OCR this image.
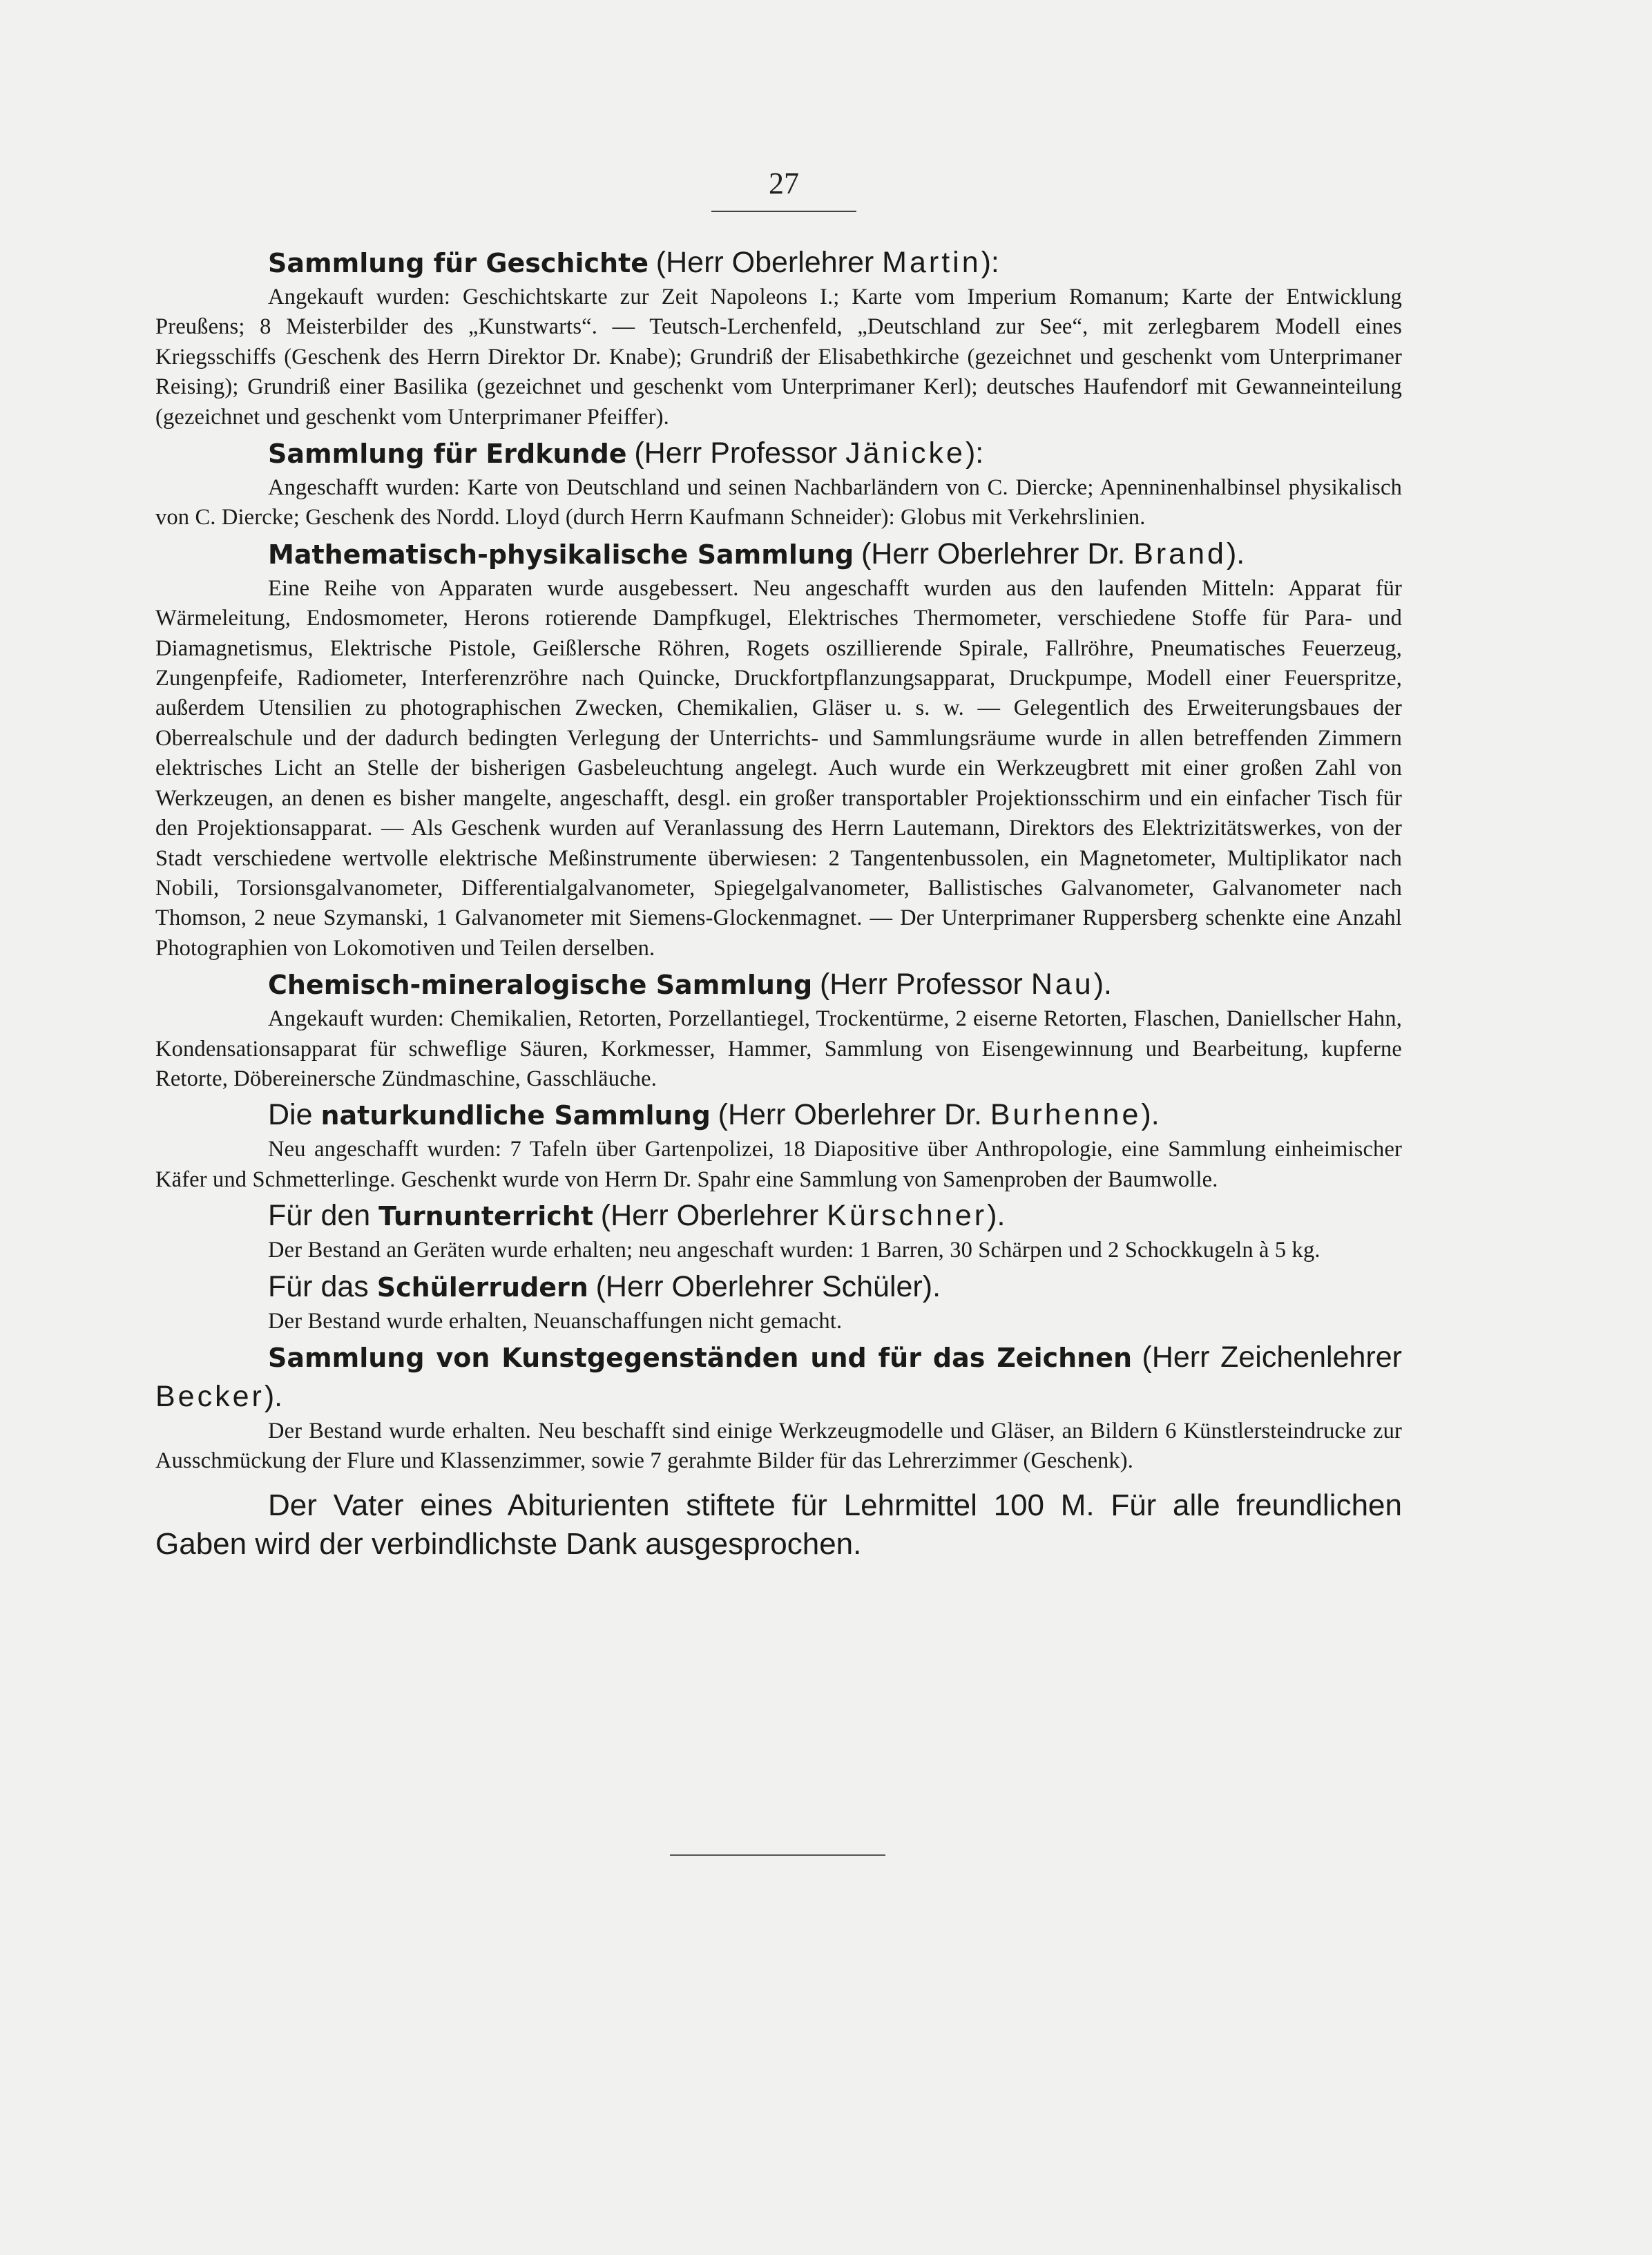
27

Sammlung für Geschichte (Herr Oberlehrer Martin):

Angekauft wurden: Geschichtskarte zur Zeit Napoleons I.; Karte vom Imperium Romanum; Karte der Entwicklung Preußens; 8 Meisterbilder des „Kunstwarts“. — Teutsch-Lerchenfeld, „Deutschland zur See“, mit zerlegbarem Modell eines Kriegsschiffs (Geschenk des Herrn Direktor Dr. Knabe); Grundriß der Elisabethkirche (gezeichnet und geschenkt vom Unterprimaner Reising); Grundriß einer Basilika (gezeichnet und geschenkt vom Unterprimaner Kerl); deutsches Haufendorf mit Gewanneinteilung (gezeichnet und geschenkt vom Unterprimaner Pfeiffer).

Sammlung für Erdkunde (Herr Professor Jänicke):

Angeschafft wurden: Karte von Deutschland und seinen Nachbarländern von C. Diercke; Apenninenhalbinsel physikalisch von C. Diercke; Geschenk des Nordd. Lloyd (durch Herrn Kaufmann Schneider): Globus mit Verkehrslinien.

Mathematisch-physikalische Sammlung (Herr Oberlehrer Dr. Brand).

Eine Reihe von Apparaten wurde ausgebessert. Neu angeschafft wurden aus den laufenden Mitteln: Apparat für Wärmeleitung, Endosmometer, Herons rotierende Dampfkugel, Elektrisches Thermometer, verschiedene Stoffe für Para- und Diamagnetismus, Elektrische Pistole, Geißlersche Röhren, Rogets oszillierende Spirale, Fallröhre, Pneumatisches Feuerzeug, Zungenpfeife, Radiometer, Interferenzröhre nach Quincke, Druckfortpflanzungsapparat, Druckpumpe, Modell einer Feuerspritze, außerdem Utensilien zu photographischen Zwecken, Chemikalien, Gläser u. s. w. — Gelegentlich des Erweiterungsbaues der Oberrealschule und der dadurch bedingten Verlegung der Unterrichts- und Sammlungsräume wurde in allen betreffenden Zimmern elektrisches Licht an Stelle der bisherigen Gasbeleuchtung angelegt. Auch wurde ein Werkzeugbrett mit einer großen Zahl von Werkzeugen, an denen es bisher mangelte, angeschafft, desgl. ein großer transportabler Projektionsschirm und ein einfacher Tisch für den Projektionsapparat. — Als Geschenk wurden auf Veranlassung des Herrn Lautemann, Direktors des Elektrizitätswerkes, von der Stadt verschiedene wertvolle elektrische Meßinstrumente überwiesen: 2 Tangentenbussolen, ein Magnetometer, Multiplikator nach Nobili, Torsionsgalvanometer, Differentialgalvanometer, Spiegelgalvanometer, Ballistisches Galvanometer, Galvanometer nach Thomson, 2 neue Szymanski, 1 Galvanometer mit Siemens-Glockenmagnet. — Der Unterprimaner Ruppersberg schenkte eine Anzahl Photographien von Lokomotiven und Teilen derselben.

Chemisch-mineralogische Sammlung (Herr Professor Nau).

Angekauft wurden: Chemikalien, Retorten, Porzellantiegel, Trockentürme, 2 eiserne Retorten, Flaschen, Daniellscher Hahn, Kondensationsapparat für schweflige Säuren, Korkmesser, Hammer, Sammlung von Eisengewinnung und Bearbeitung, kupferne Retorte, Döbereinersche Zündmaschine, Gasschläuche.

Die naturkundliche Sammlung (Herr Oberlehrer Dr. Burhenne).

Neu angeschafft wurden: 7 Tafeln über Gartenpolizei, 18 Diapositive über Anthropologie, eine Sammlung einheimischer Käfer und Schmetterlinge. Geschenkt wurde von Herrn Dr. Spahr eine Sammlung von Samenproben der Baumwolle.

Für den Turnunterricht (Herr Oberlehrer Kürschner).

Der Bestand an Geräten wurde erhalten; neu angeschaft wurden: 1 Barren, 30 Schärpen und 2 Schockkugeln à 5 kg.

Für das Schülerrudern (Herr Oberlehrer Schüler).

Der Bestand wurde erhalten, Neuanschaffungen nicht gemacht.

Sammlung von Kunstgegenständen und für das Zeichnen (Herr Zeichenlehrer Becker).

Der Bestand wurde erhalten. Neu beschafft sind einige Werkzeugmodelle und Gläser, an Bildern 6 Künstlersteindrucke zur Ausschmückung der Flure und Klassenzimmer, sowie 7 gerahmte Bilder für das Lehrerzimmer (Geschenk).

Der Vater eines Abiturienten stiftete für Lehrmittel 100 M. Für alle freundlichen Gaben wird der verbindlichste Dank ausgesprochen.
